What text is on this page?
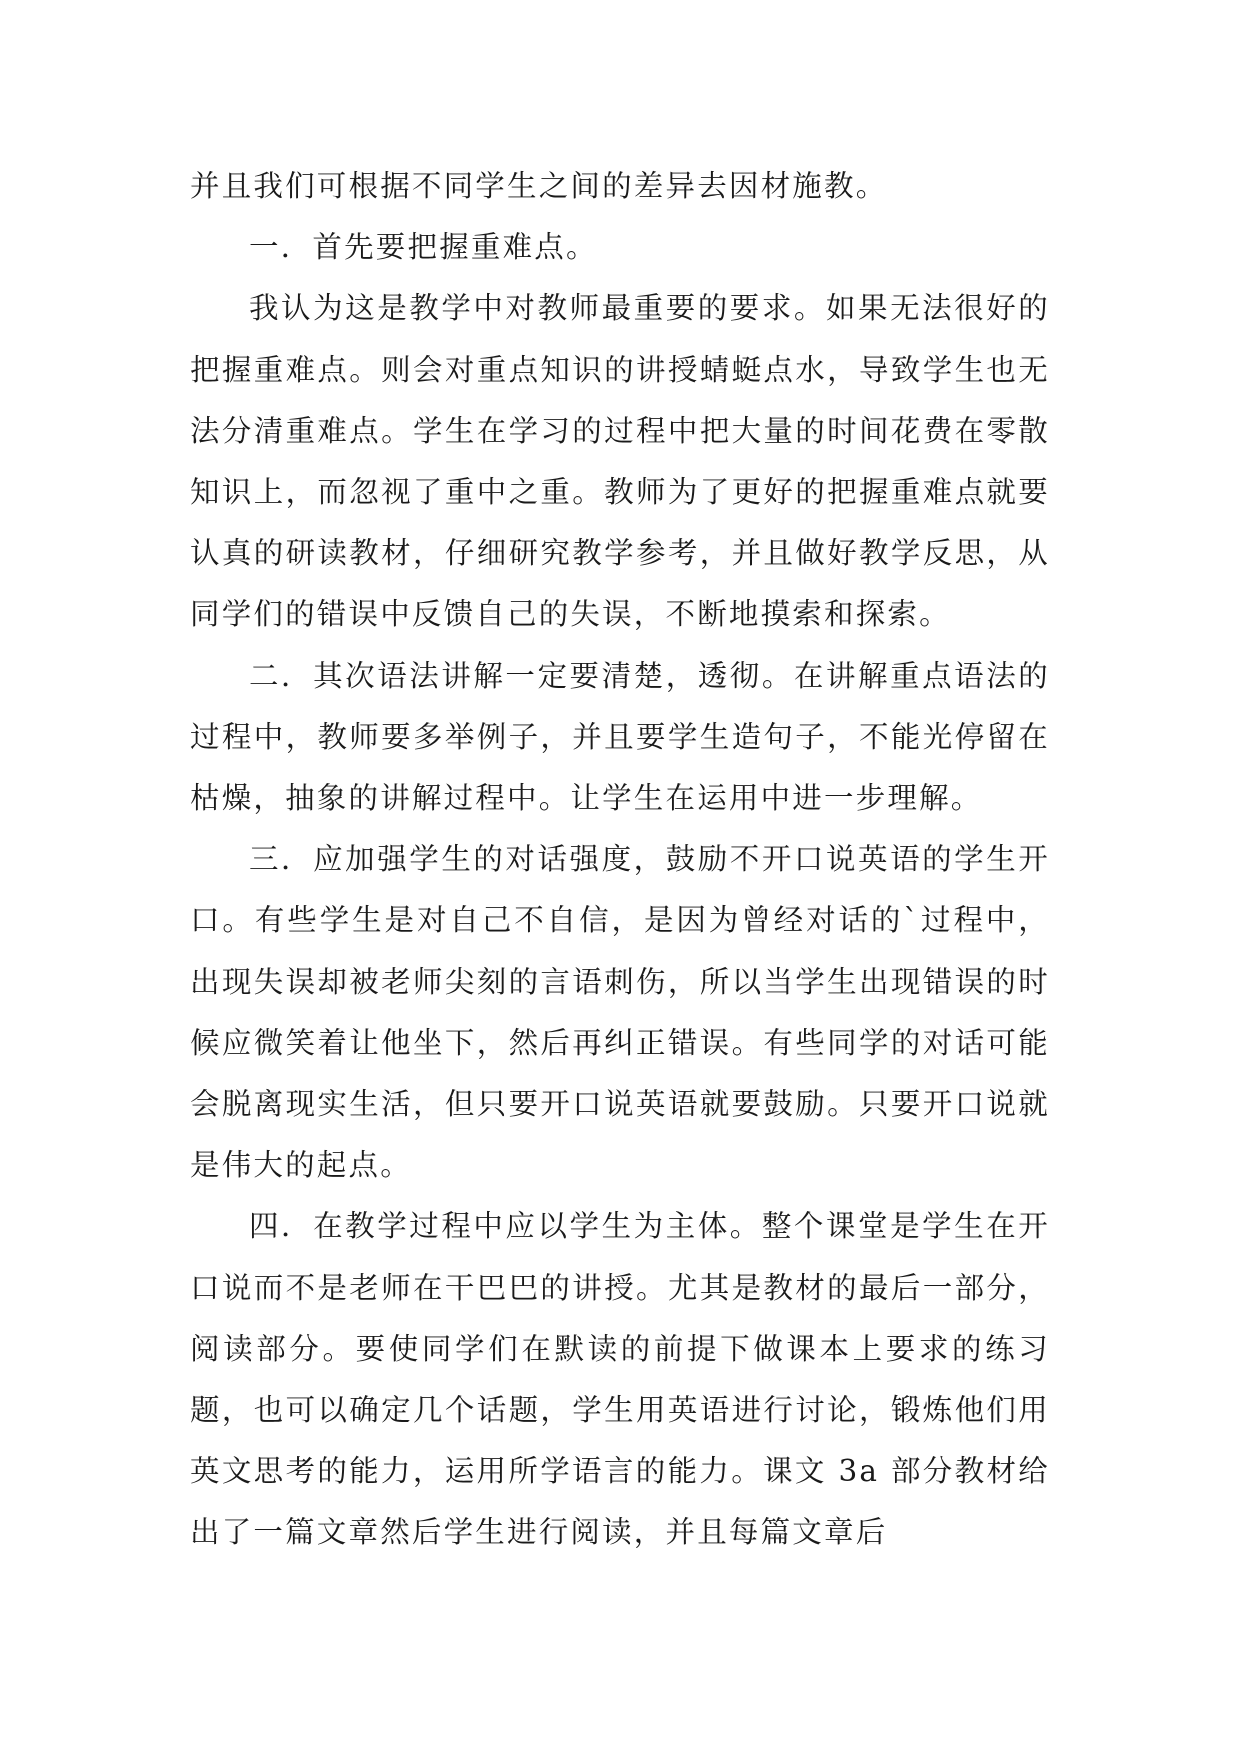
并且我们可根据不同学生之间的差异去因材施教。

一．首先要把握重难点。

我认为这是教学中对教师最重要的要求。如果无法很好的把握重难点。则会对重点知识的讲授蜻蜓点水，导致学生也无法分清重难点。学生在学习的过程中把大量的时间花费在零散知识上，而忽视了重中之重。教师为了更好的把握重难点就要认真的研读教材，仔细研究教学参考，并且做好教学反思，从同学们的错误中反馈自己的失误，不断地摸索和探索。

二．其次语法讲解一定要清楚，透彻。在讲解重点语法的过程中，教师要多举例子，并且要学生造句子，不能光停留在枯燥，抽象的讲解过程中。让学生在运用中进一步理解。

三．应加强学生的对话强度，鼓励不开口说英语的学生开口。有些学生是对自己不自信，是因为曾经对话的`过程中，出现失误却被老师尖刻的言语刺伤，所以当学生出现错误的时候应微笑着让他坐下，然后再纠正错误。有些同学的对话可能会脱离现实生活，但只要开口说英语就要鼓励。只要开口说就是伟大的起点。

四．在教学过程中应以学生为主体。整个课堂是学生在开口说而不是老师在干巴巴的讲授。尤其是教材的最后一部分，阅读部分。要使同学们在默读的前提下做课本上要求的练习题，也可以确定几个话题，学生用英语进行讨论，锻炼他们用英文思考的能力，运用所学语言的能力。课文 3a 部分教材给出了一篇文章然后学生进行阅读，并且每篇文章后
